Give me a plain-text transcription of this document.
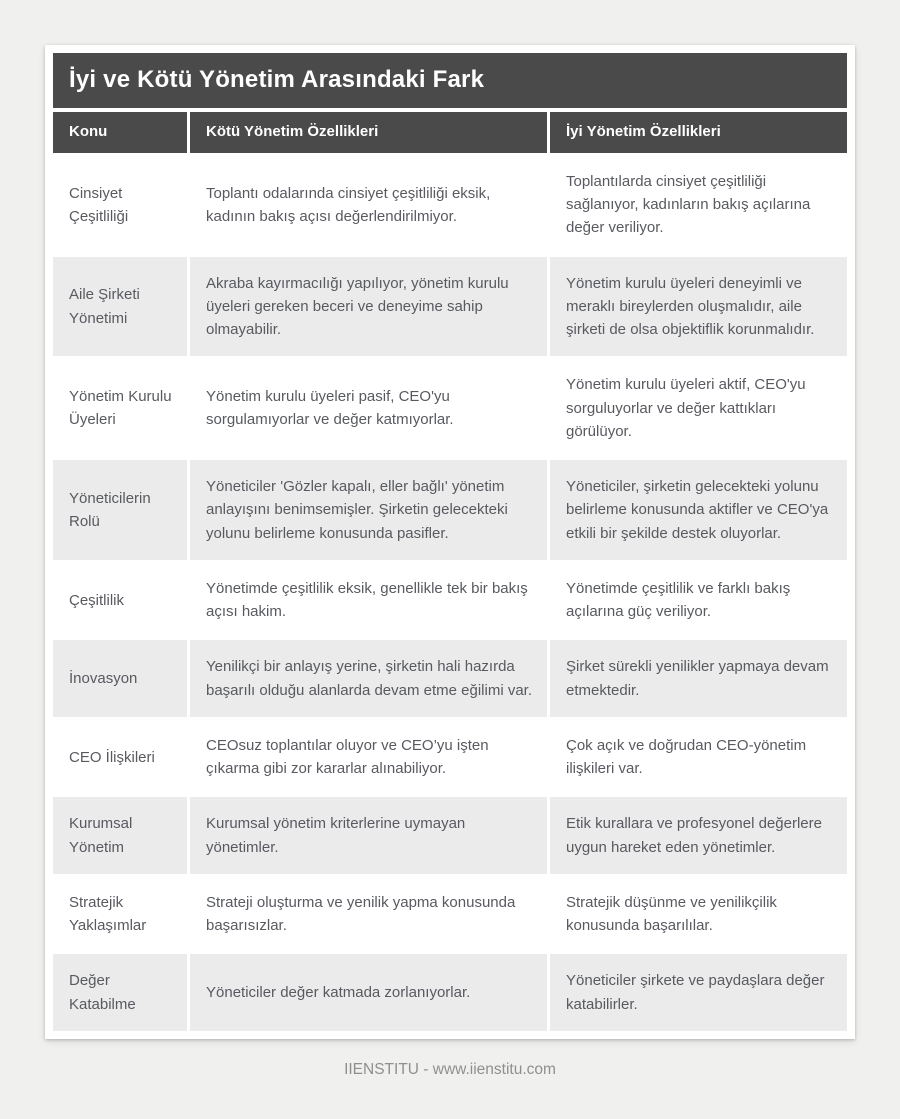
İyi ve Kötü Yönetim Arasındaki Fark
Konu	Kötü Yönetim Özellikleri	İyi Yönetim Özellikleri
Cinsiyet Çeşitliliği
Toplantı odalarında cinsiyet çeşitliliği eksik, kadının bakış açısı değerlendirilmiyor.
Toplantılarda cinsiyet çeşitliliği sağlanıyor, kadınların bakış açılarına değer veriliyor.
Aile Şirketi Yönetimi
Akraba kayırmacılığı yapılıyor, yönetim kurulu üyeleri gereken beceri ve deneyime sahip olmayabilir.
Yönetim kurulu üyeleri deneyimli ve meraklı bireylerden oluşmalıdır, aile şirketi de olsa objektiflik korunmalıdır.
Yönetim Kurulu Üyeleri
Yönetim kurulu üyeleri pasif, CEO'yu sorgulamıyorlar ve değer katmıyorlar.
Yönetim kurulu üyeleri aktif, CEO'yu sorguluyorlar ve değer kattıkları görülüyor.
Yöneticilerin Rolü
Yöneticiler 'Gözler kapalı, eller bağlı' yönetim anlayışını benimsemişler. Şirketin gelecekteki yolunu belirleme konusunda pasifler.
Yöneticiler, şirketin gelecekteki yolunu belirleme konusunda aktifler ve CEO'ya etkili bir şekilde destek oluyorlar.
Çeşitlilik
Yönetimde çeşitlilik eksik, genellikle tek bir bakış açısı hakim.
Yönetimde çeşitlilik ve farklı bakış açılarına güç veriliyor.
İnovasyon
Yenilikçi bir anlayış yerine, şirketin hali hazırda başarılı olduğu alanlarda devam etme eğilimi var.
Şirket sürekli yenilikler yapmaya devam etmektedir.
CEO İlişkileri
CEOsuz toplantılar oluyor ve CEO’yu işten çıkarma gibi zor kararlar alınabiliyor.
Çok açık ve doğrudan CEO-yönetim ilişkileri var.
Kurumsal Yönetim
Kurumsal yönetim kriterlerine uymayan yönetimler.
Etik kurallara ve profesyonel değerlere uygun hareket eden yönetimler.
Stratejik Yaklaşımlar
Strateji oluşturma ve yenilik yapma konusunda başarısızlar.
Stratejik düşünme ve yenilikçilik konusunda başarılılar.
Değer Katabilme
Yöneticiler değer katmada zorlanıyorlar.
Yöneticiler şirkete ve paydaşlara değer katabilirler.
IIENSTITU - www.iienstitu.com
